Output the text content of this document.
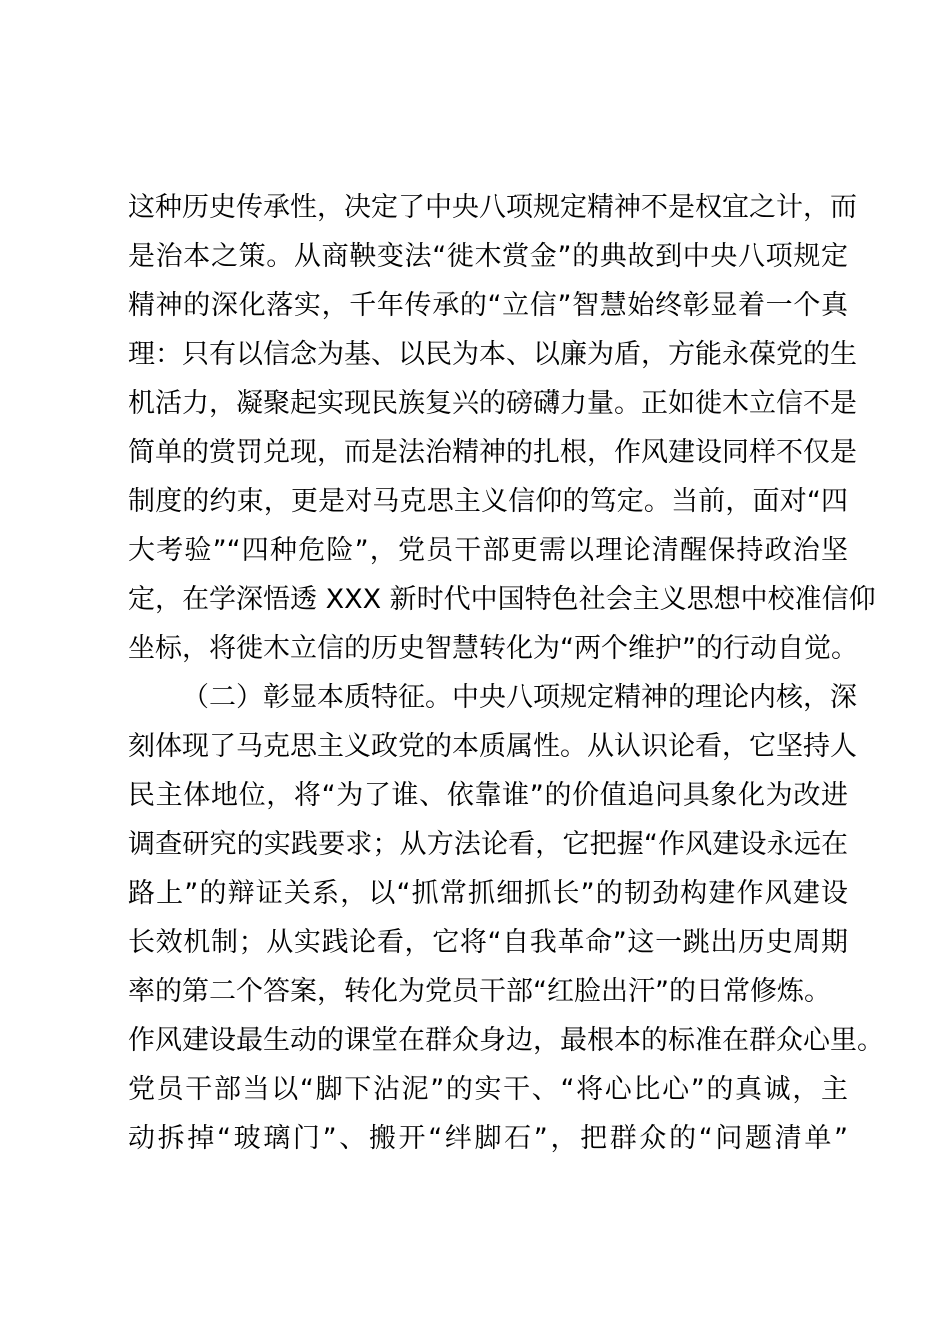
这种历史传承性，决定了中央八项规定精神不是权宜之计，而
是治本之策。从商鞅变法“徙木赏金”的典故到中央八项规定
精神的深化落实，千年传承的“立信”智慧始终彰显着一个真
理：只有以信念为基、以民为本、以廉为盾，方能永葆党的生
机活力，凝聚起实现民族复兴的磅礴力量。正如徙木立信不是
简单的赏罚兑现，而是法治精神的扎根，作风建设同样不仅是
制度的约束，更是对马克思主义信仰的笃定。当前，面对“四
大考验”“四种危险”，党员干部更需以理论清醒保持政治坚
定，在学深悟透 XXX 新时代中国特色社会主义思想中校准信仰
坐标，将徙木立信的历史智慧转化为“两个维护”的行动自觉。
（二）彰显本质特征。中央八项规定精神的理论内核，深
刻体现了马克思主义政党的本质属性。从认识论看，它坚持人
民主体地位，将“为了谁、依靠谁”的价值追问具象化为改进
调查研究的实践要求；从方法论看，它把握“作风建设永远在
路上”的辩证关系，以“抓常抓细抓长”的韧劲构建作风建设
长效机制；从实践论看，它将“自我革命”这一跳出历史周期
率的第二个答案，转化为党员干部“红脸出汗”的日常修炼。
作风建设最生动的课堂在群众身边，最根本的标准在群众心里。
党员干部当以“脚下沾泥”的实干、“将心比心”的真诚，主
动拆掉“玻璃门”、搬开“绊脚石”，把群众的“问题清单”
